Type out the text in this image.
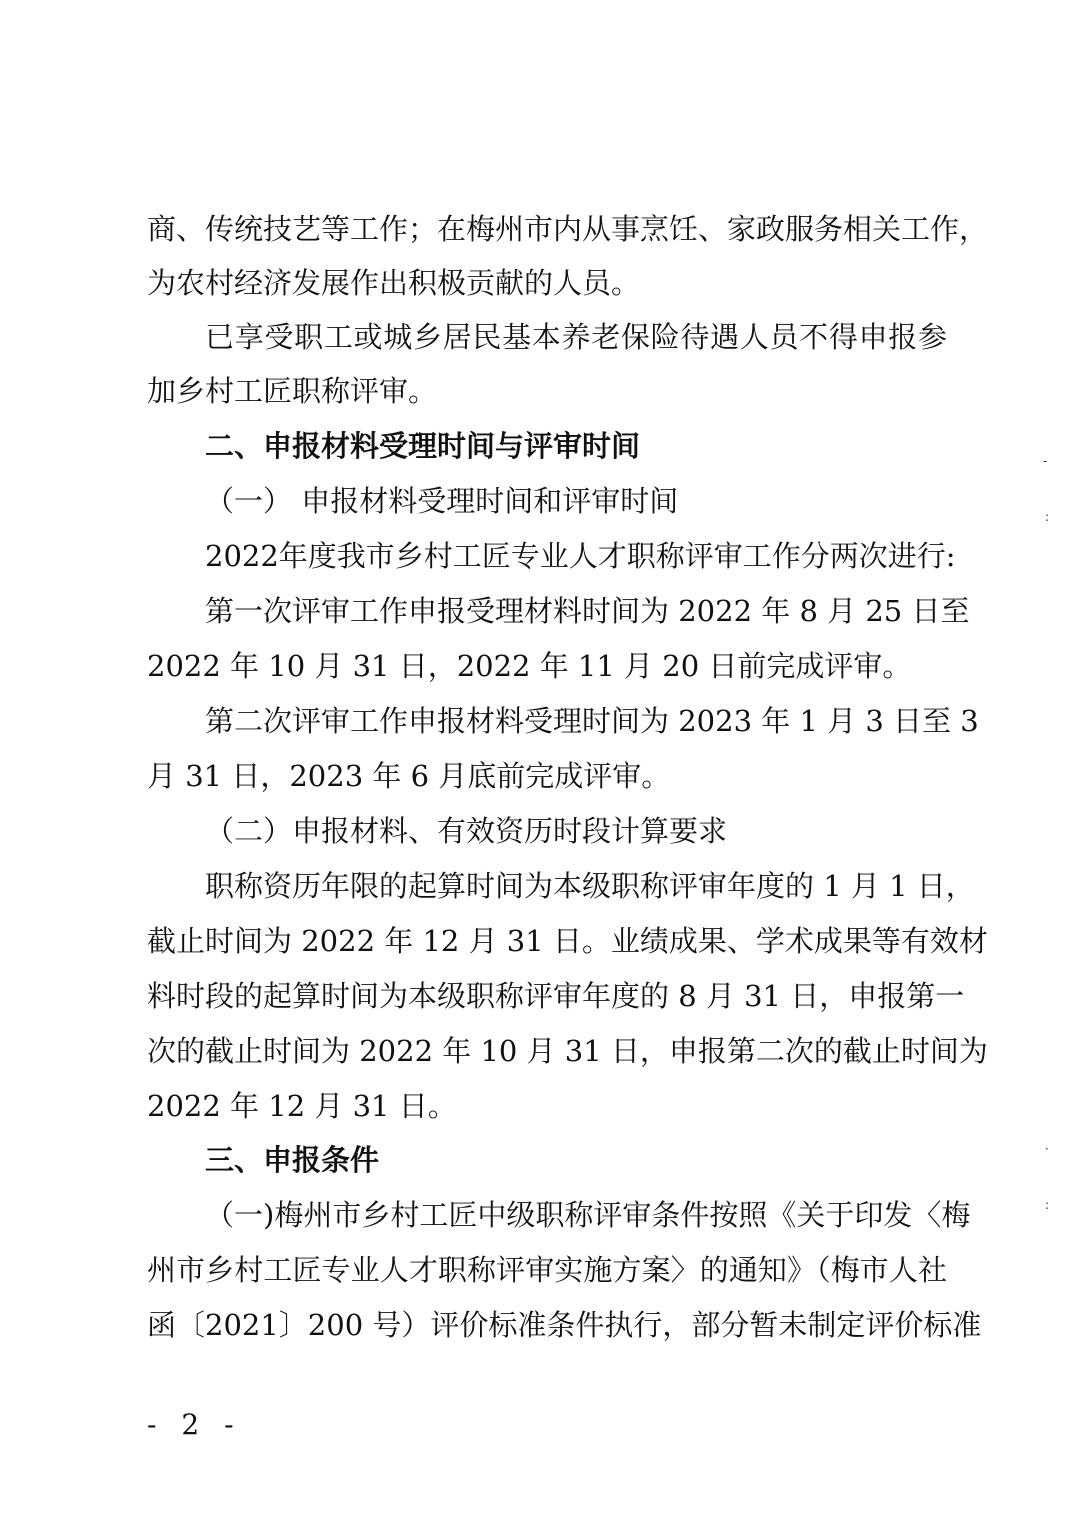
商、传统技艺等工作；在梅州市内从事烹饪、家政服务相关工作，
为农村经济发展作出积极贡献的人员。
已享受职工或城乡居民基本养老保险待遇人员不得申报参
加乡村工匠职称评审。
二、申报材料受理时间与评审时间
（一） 申报材料受理时间和评审时间
2022年度我市乡村工匠专业人才职称评审工作分两次进行:
第一次评审工作申报受理材料时间为 2022 年 8 月 25 日至
2022 年 10 月 31 日，2022 年 11 月 20 日前完成评审。
第二次评审工作申报材料受理时间为 2023 年 1 月 3 日至 3
月 31 日，2023 年 6 月底前完成评审。
（二）申报材料、有效资历时段计算要求
职称资历年限的起算时间为本级职称评审年度的 1 月 1 日，
截止时间为 2022 年 12 月 31 日。业绩成果、学术成果等有效材
料时段的起算时间为本级职称评审年度的 8 月 31 日，申报第一
次的截止时间为 2022 年 10 月 31 日，申报第二次的截止时间为
2022 年 12 月 31 日。
三、申报条件
（一)梅州市乡村工匠中级职称评审条件按照《关于印发〈梅
州市乡村工匠专业人才职称评审实施方案〉的通知》（梅市人社
函〔2021〕200 号）评价标准条件执行，部分暂未制定评价标准
- 2 -
-
:
·
:
